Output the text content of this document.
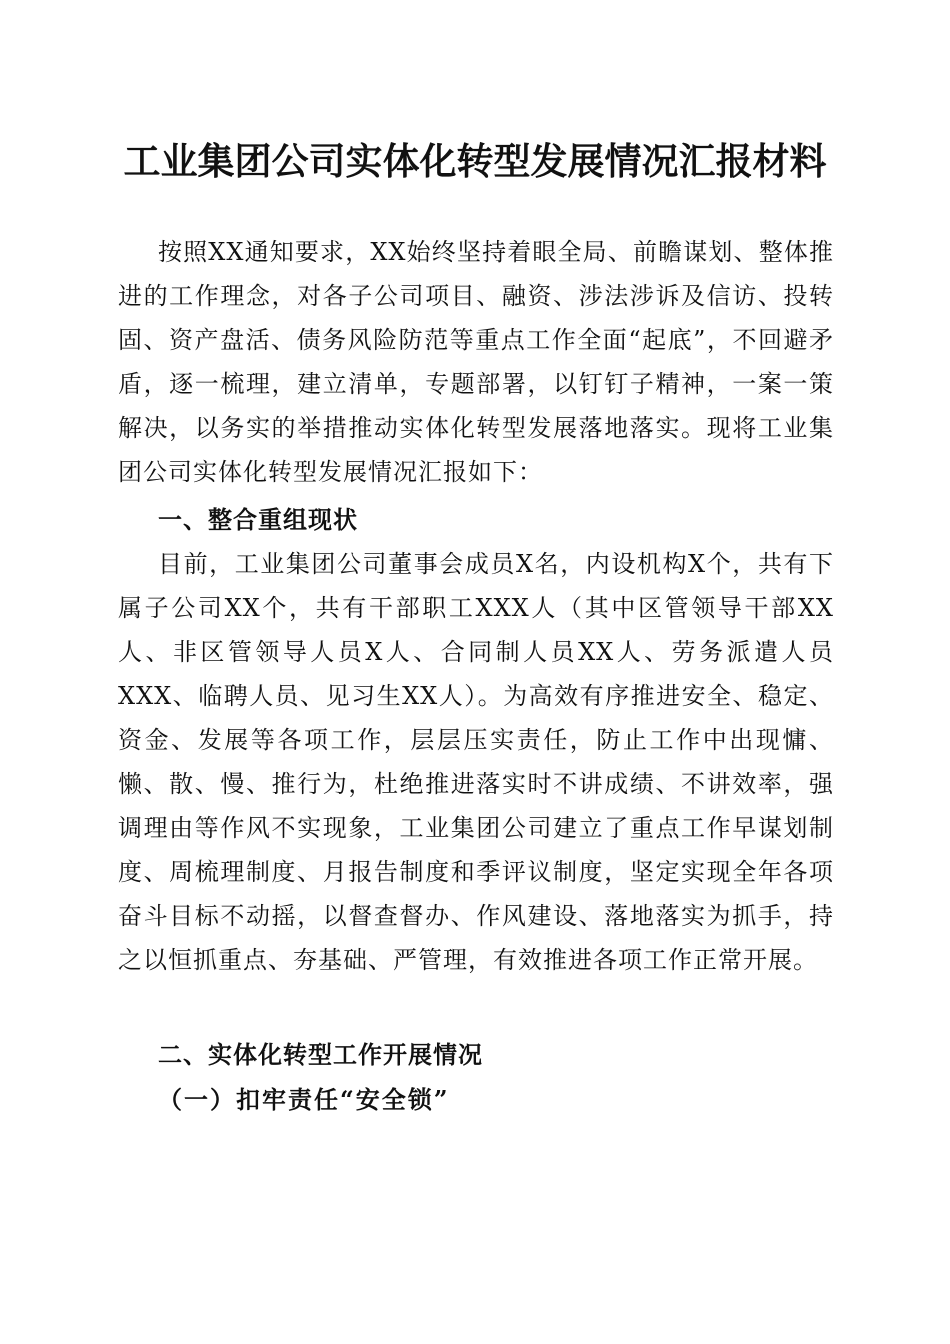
工业集团公司实体化转型发展情况汇报材料

按照XX通知要求，XX始终坚持着眼全局、前瞻谋划、整体推进的工作理念，对各子公司项目、融资、涉法涉诉及信访、投转固、资产盘活、债务风险防范等重点工作全面“起底”，不回避矛盾，逐一梳理，建立清单，专题部署，以钉钉子精神，一案一策解决，以务实的举措推动实体化转型发展落地落实。现将工业集团公司实体化转型发展情况汇报如下：

一、整合重组现状

目前，工业集团公司董事会成员X名，内设机构X个，共有下属子公司XX个，共有干部职工XXX人（其中区管领导干部XX人、非区管领导人员X人、合同制人员XX人、劳务派遣人员XXX、临聘人员、见习生XX人）。为高效有序推进安全、稳定、资金、发展等各项工作，层层压实责任，防止工作中出现慵、懒、散、慢、推行为，杜绝推进落实时不讲成绩、不讲效率，强调理由等作风不实现象，工业集团公司建立了重点工作早谋划制度、周梳理制度、月报告制度和季评议制度，坚定实现全年各项奋斗目标不动摇，以督查督办、作风建设、落地落实为抓手，持之以恒抓重点、夯基础、严管理，有效推进各项工作正常开展。

二、实体化转型工作开展情况
（一）扣牢责任“安全锁”
